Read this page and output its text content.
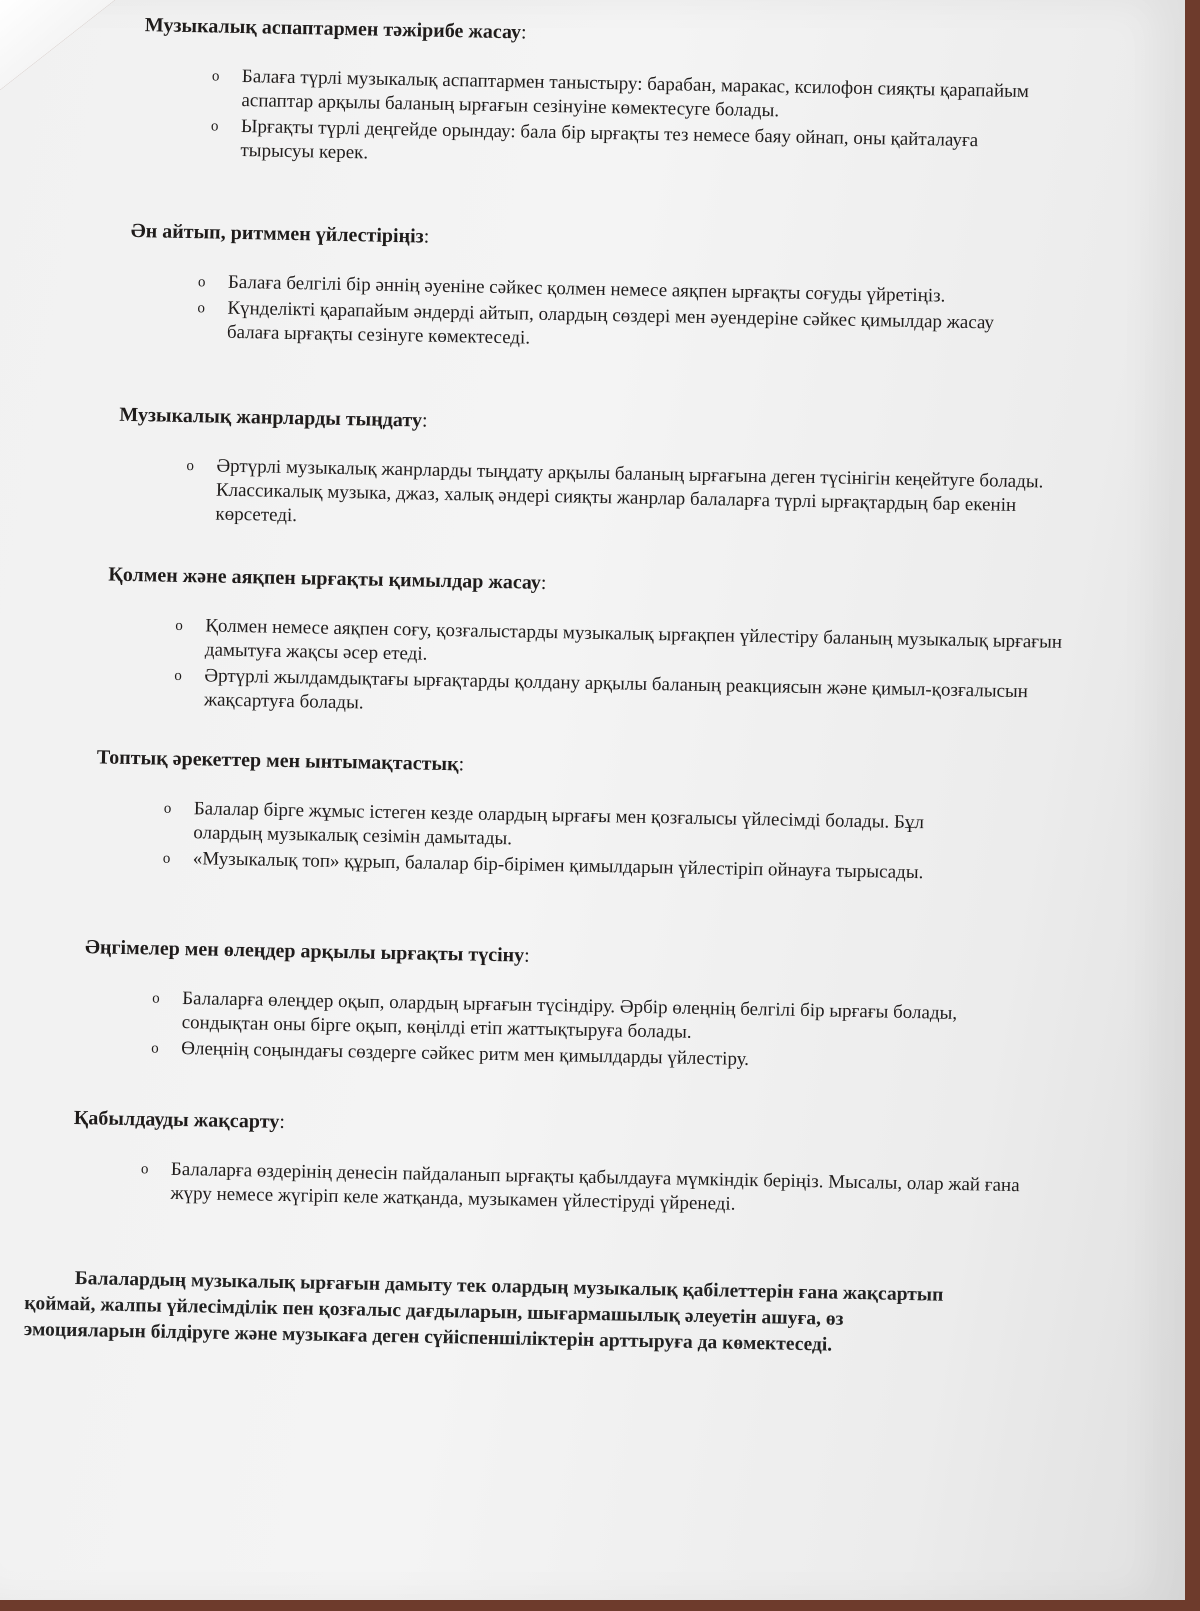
Музыкалық аспаптармен тәжірибе жасау:
o Балаға түрлі музыкалық аспаптармен таныстыру: барабан, маракас, ксилофон сияқты қарапайым аспаптар арқылы баланың ырғағын сезінуіне көмектесуге болады.
o Ырғақты түрлі деңгейде орындау: бала бір ырғақты тез немесе баяу ойнап, оны қайталауға тырысуы керек.
Ән айтып, ритммен үйлестіріңіз:
o Балаға белгілі бір әннің әуеніне сәйкес қолмен немесе аяқпен ырғақты соғуды үйретіңіз.
o Күнделікті қарапайым әндерді айтып, олардың сөздері мен әуендеріне сәйкес қимылдар жасау балаға ырғақты сезінуге көмектеседі.
Музыкалық жанрларды тыңдату:
o Әртүрлі музыкалық жанрларды тыңдату арқылы баланың ырғағына деген түсінігін кеңейтуге болады. Классикалық музыка, джаз, халық әндері сияқты жанрлар балаларға түрлі ырғақтардың бар екенін көрсетеді.
Қолмен және аяқпен ырғақты қимылдар жасау:
o Қолмен немесе аяқпен соғу, қозғалыстарды музыкалық ырғақпен үйлестіру баланың музыкалық ырғағын дамытуға жақсы әсер етеді.
o Әртүрлі жылдамдықтағы ырғақтарды қолдану арқылы баланың реакциясын және қимыл-қозғалысын жақсартуға болады.
Топтық әрекеттер мен ынтымақтастық:
o Балалар бірге жұмыс істеген кезде олардың ырғағы мен қозғалысы үйлесімді болады. Бұл олардың музыкалық сезімін дамытады.
o «Музыкалық топ» құрып, балалар бір-бірімен қимылдарын үйлестіріп ойнауға тырысады.
Әңгімелер мен өлеңдер арқылы ырғақты түсіну:
o Балаларға өлеңдер оқып, олардың ырғағын түсіндіру. Әрбір өлеңнің белгілі бір ырғағы болады, сондықтан оны бірге оқып, көңілді етіп жаттықтыруға болады.
o Өлеңнің соңындағы сөздерге сәйкес ритм мен қимылдарды үйлестіру.
Қабылдауды жақсарту:
o Балаларға өздерінің денесін пайдаланып ырғақты қабылдауға мүмкіндік беріңіз. Мысалы, олар жай ғана жүру немесе жүгіріп келе жатқанда, музыкамен үйлестіруді үйренеді.

Балалардың музыкалық ырғағын дамыту тек олардың музыкалық қабілеттерін ғана жақсартып қоймай, жалпы үйлесімділік пен қозғалыс дағдыларын, шығармашылық әлеуетін ашуға, өз эмоцияларын білдіруге және музыкаға деген сүйіспеншіліктерін арттыруға да көмектеседі.
